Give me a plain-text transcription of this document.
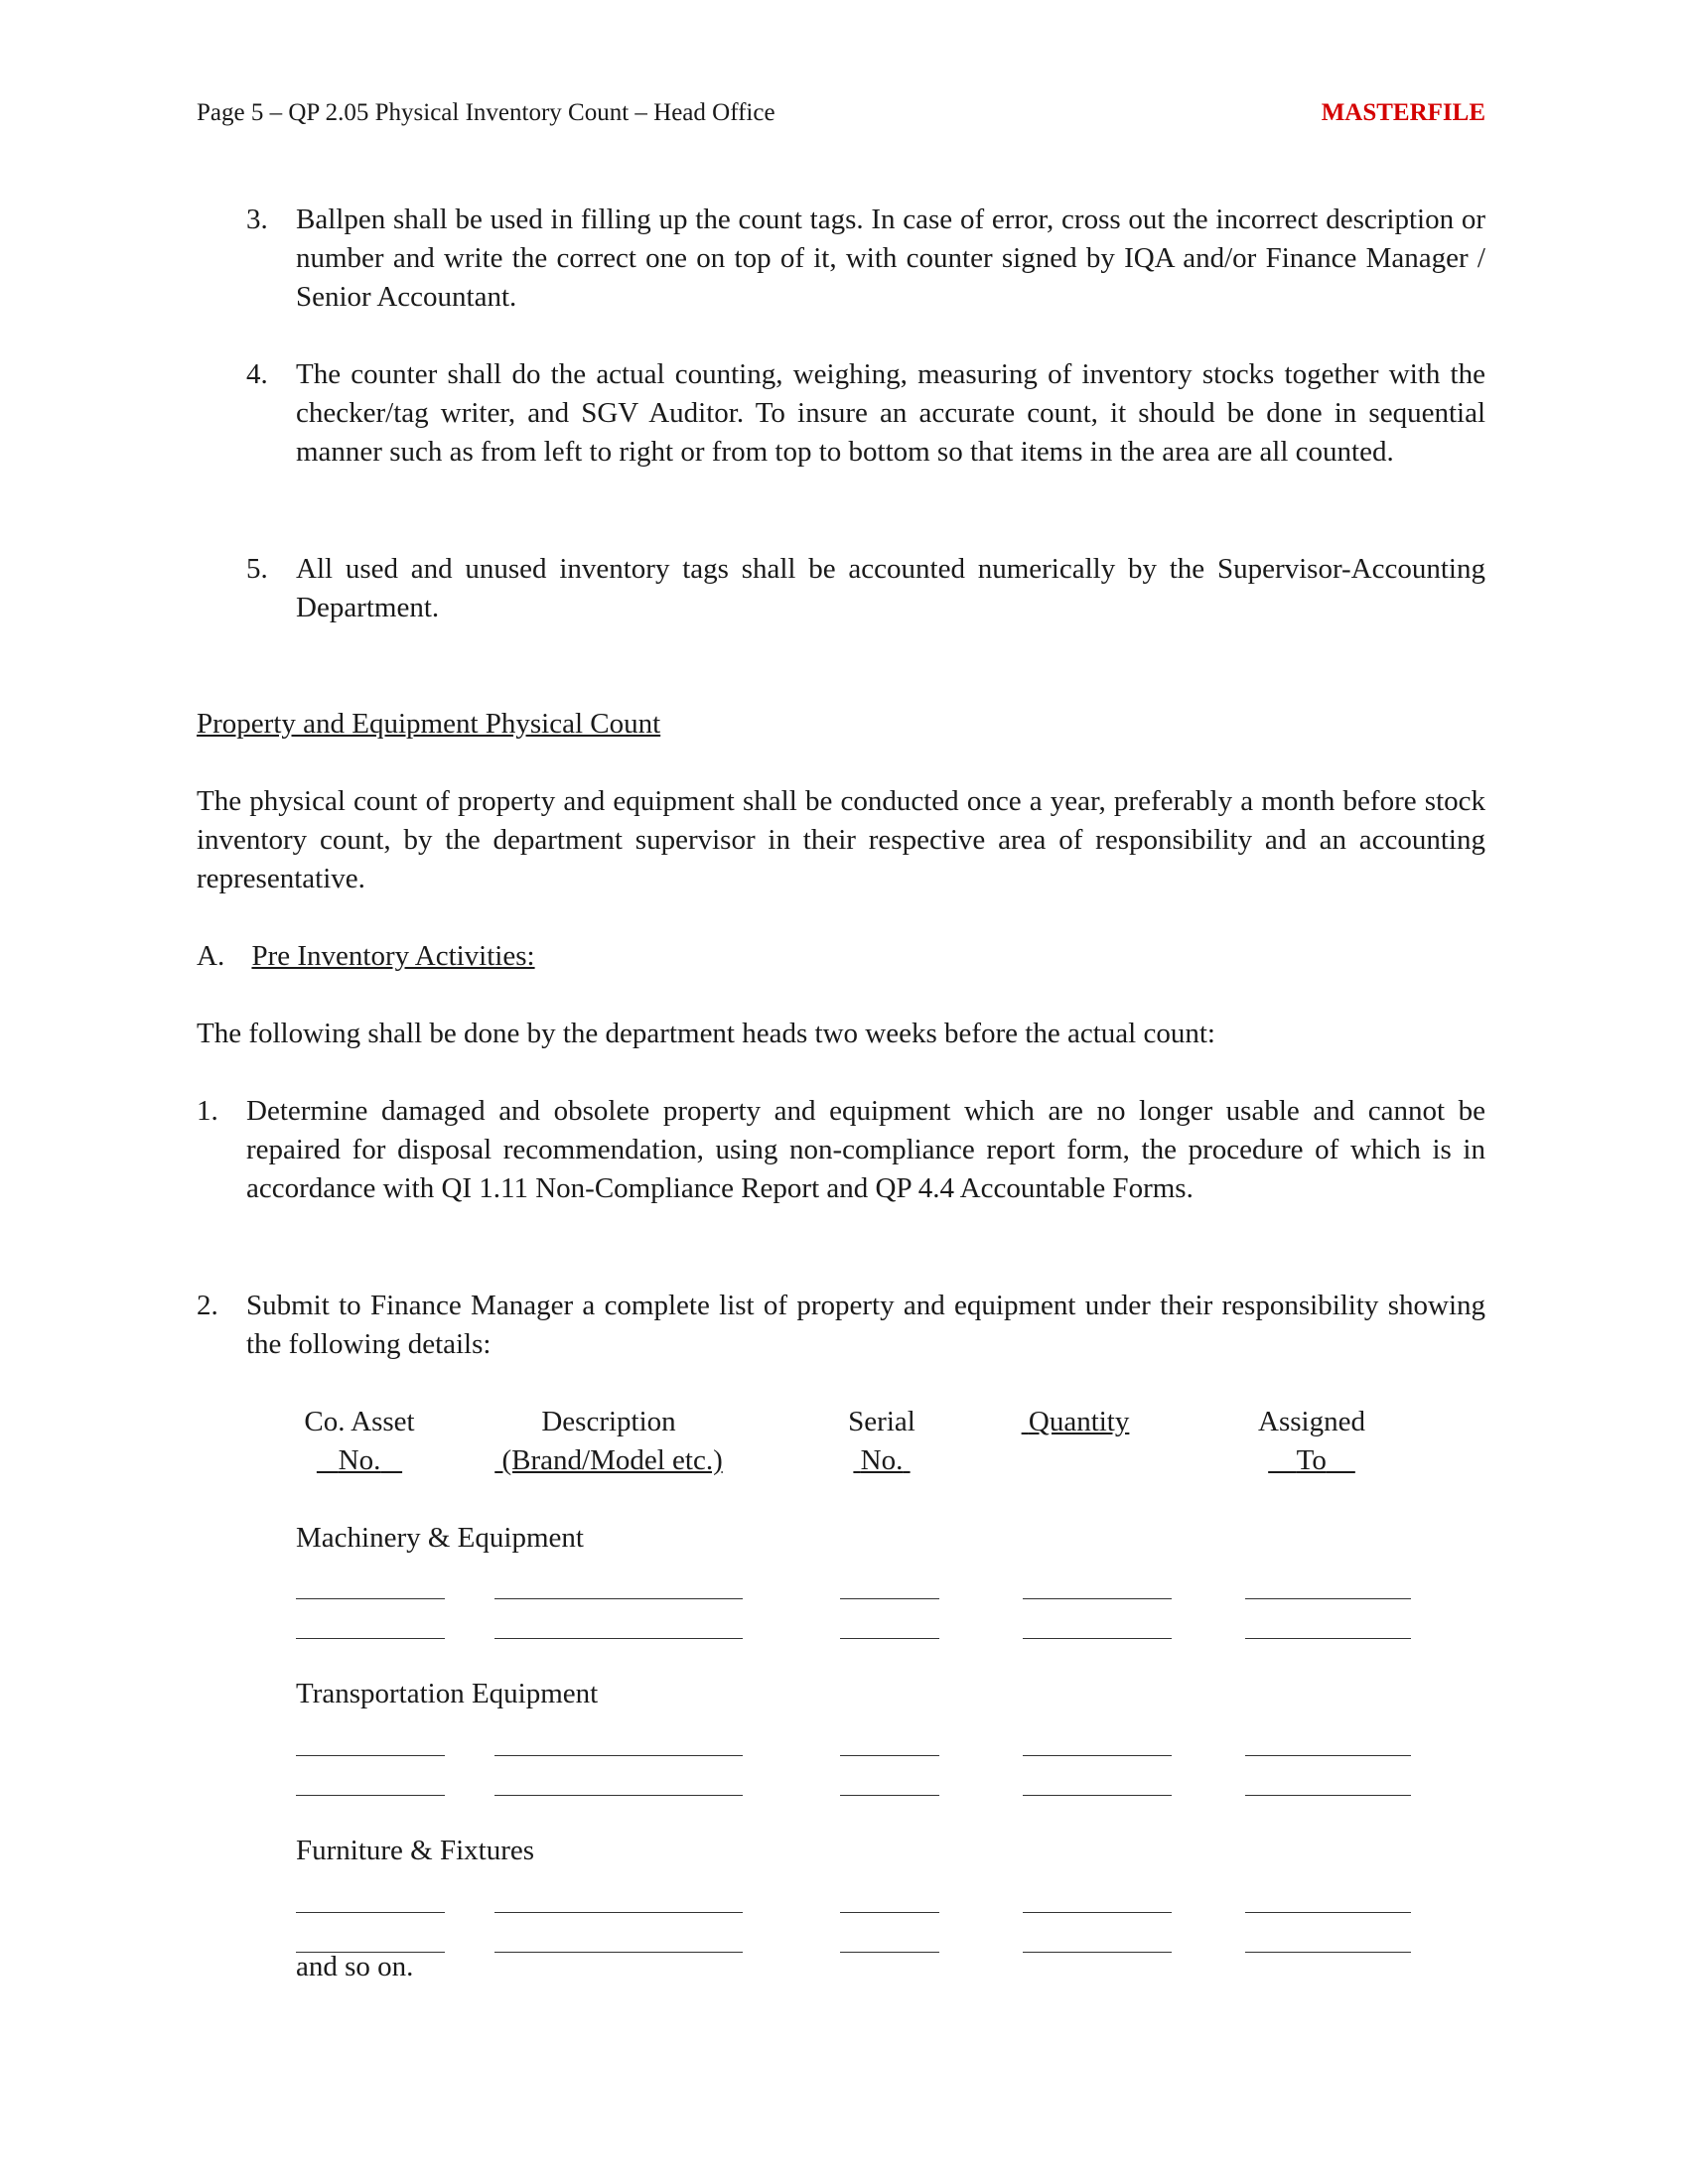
Page 5 – QP 2.05 Physical Inventory Count – Head Office	MASTERFILE
3. Ballpen shall be used in filling up the count tags. In case of error, cross out the incorrect description or number and write the correct one on top of it, with counter signed by IQA and/or Finance Manager / Senior Accountant.
4. The counter shall do the actual counting, weighing, measuring of inventory stocks together with the checker/tag writer, and SGV Auditor. To insure an accurate count, it should be done in sequential manner such as from left to right or from top to bottom so that items in the area are all counted.
5. All used and unused inventory tags shall be accounted numerically by the Supervisor-Accounting Department.
Property and Equipment Physical Count
The physical count of property and equipment shall be conducted once a year, preferably a month before stock inventory count, by the department supervisor in their respective area of responsibility and an accounting representative.
A. Pre Inventory Activities:
The following shall be done by the department heads two weeks before the actual count:
1. Determine damaged and obsolete property and equipment which are no longer usable and cannot be repaired for disposal recommendation, using non-compliance report form, the procedure of which is in accordance with QI 1.11 Non-Compliance Report and QP 4.4 Accountable Forms.
2. Submit to Finance Manager a complete list of property and equipment under their responsibility showing the following details:
Co. Asset
No.
Description
(Brand/Model etc.)
Serial
No.
Quantity	Assigned
To
Machinery & Equipment
Transportation Equipment
Furniture & Fixtures
and so on.
